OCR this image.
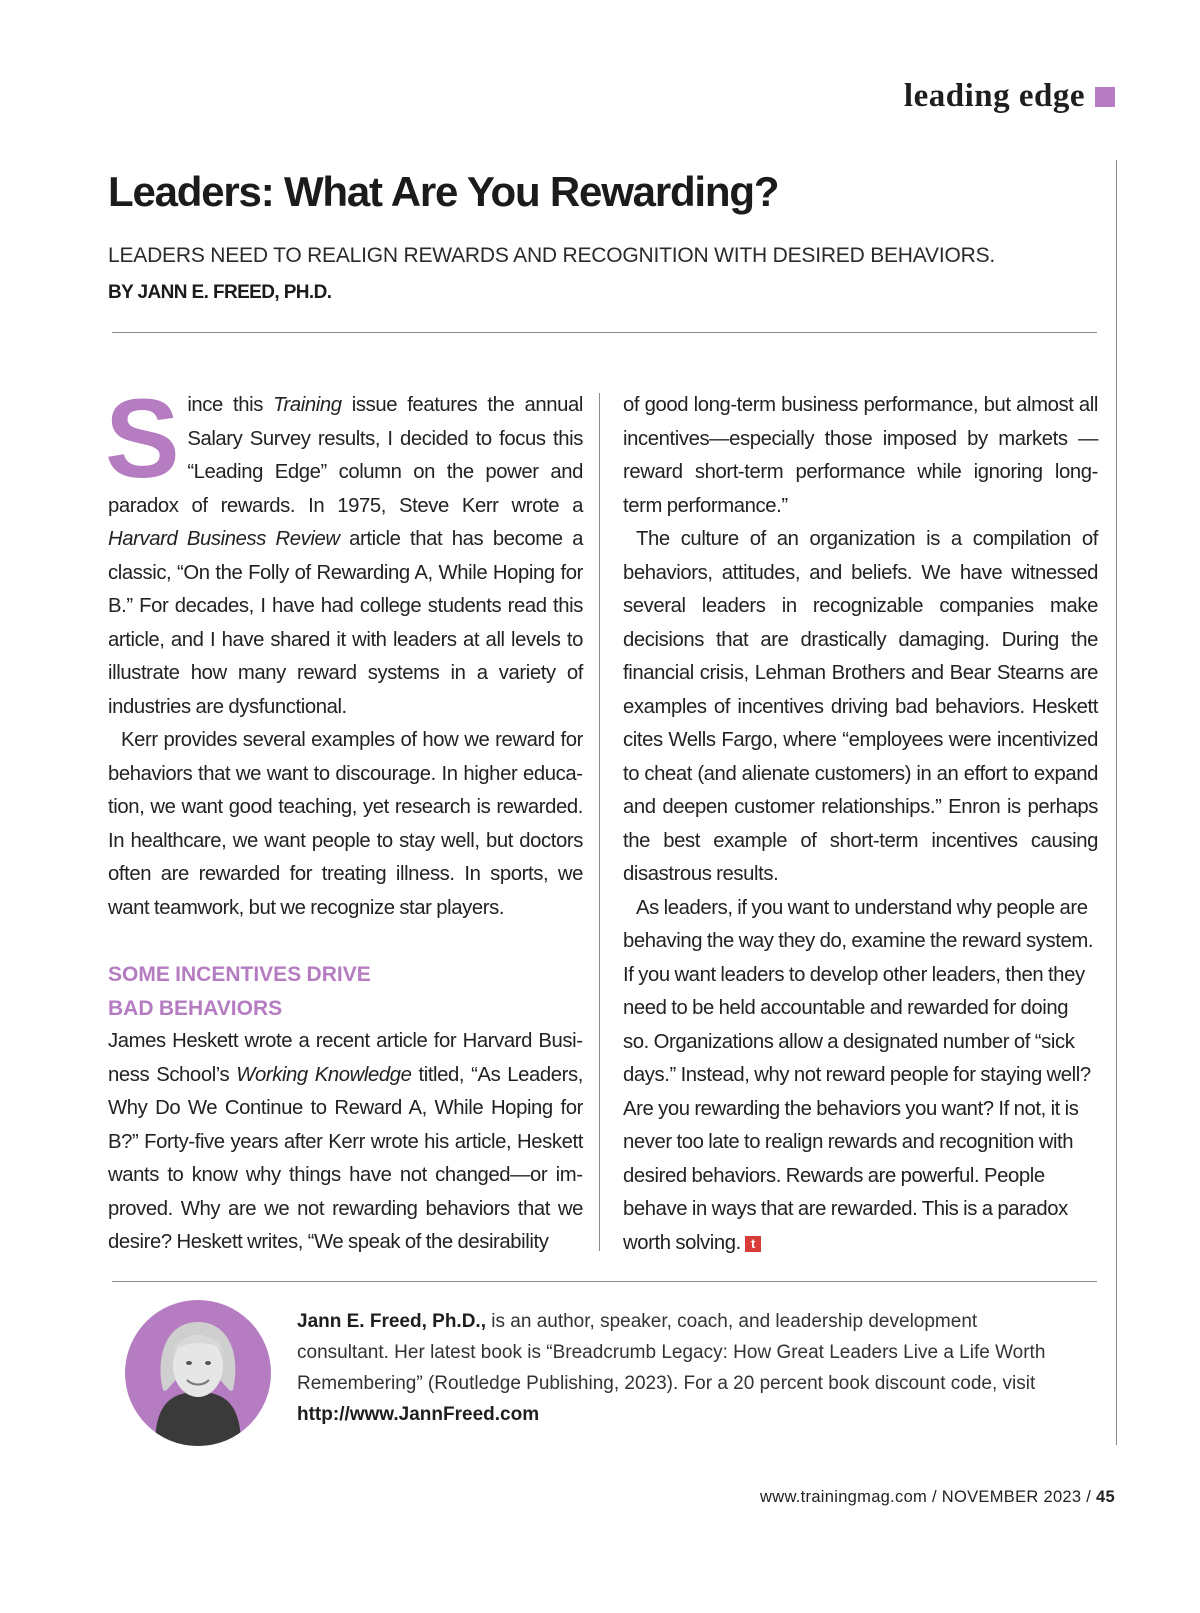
leading edge
Leaders: What Are You Rewarding?

LEADERS NEED TO REALIGN REWARDS AND RECOGNITION WITH DESIRED BEHAVIORS.

BY JANN E. FREED, PH.D.

Since this Training issue features the annual Salary Survey results, I decided to focus this “Leading Edge” column on the power and paradox of rewards. In 1975, Steve Kerr wrote a Harvard Business Review article that has become a classic, “On the Folly of Rewarding A, While Hoping for B.” For decades, I have had college students read this article, and I have shared it with leaders at all levels to illustrate how many reward systems in a variety of industries are dysfunctional.

Kerr provides several examples of how we reward for behaviors that we want to discourage. In higher education, we want good teaching, yet research is rewarded. In healthcare, we want people to stay well, but doctors often are rewarded for treating illness. In sports, we want teamwork, but we recognize star players.

SOME INCENTIVES DRIVE
BAD BEHAVIORS

James Heskett wrote a recent article for Harvard Business School’s Working Knowledge titled, “As Leaders, Why Do We Continue to Reward A, While Hoping for B?” Forty-five years after Kerr wrote his article, Heskett wants to know why things have not changed—or improved. Why are we not rewarding behaviors that we desire? Heskett writes, “We speak of the desirability

of good long-term business performance, but almost all incentives—especially those imposed by markets —reward short-term performance while ignoring long-term performance.”

The culture of an organization is a compilation of behaviors, attitudes, and beliefs. We have witnessed several leaders in recognizable companies make decisions that are drastically damaging. During the financial crisis, Lehman Brothers and Bear Stearns are examples of incentives driving bad behaviors. Heskett cites Wells Fargo, where “employees were incentivized to cheat (and alienate customers) in an effort to expand and deepen customer relationships.” Enron is perhaps the best example of short-term incentives causing disastrous results.

As leaders, if you want to understand why people are behaving the way they do, examine the reward system. If you want leaders to develop other leaders, then they need to be held accountable and rewarded for doing so. Organizations allow a designated number of “sick days.” Instead, why not reward people for staying well? Are you rewarding the behaviors you want? If not, it is never too late to realign rewards and recognition with desired behaviors. Rewards are powerful. People behave in ways that are rewarded. This is a paradox worth solving. t

Jann E. Freed, Ph.D., is an author, speaker, coach, and leadership development consultant. Her latest book is “Breadcrumb Legacy: How Great Leaders Live a Life Worth Remembering” (Routledge Publishing, 2023). For a 20 percent book discount code, visit http://www.JannFreed.com

www.trainingmag.com / NOVEMBER 2023 / 45
